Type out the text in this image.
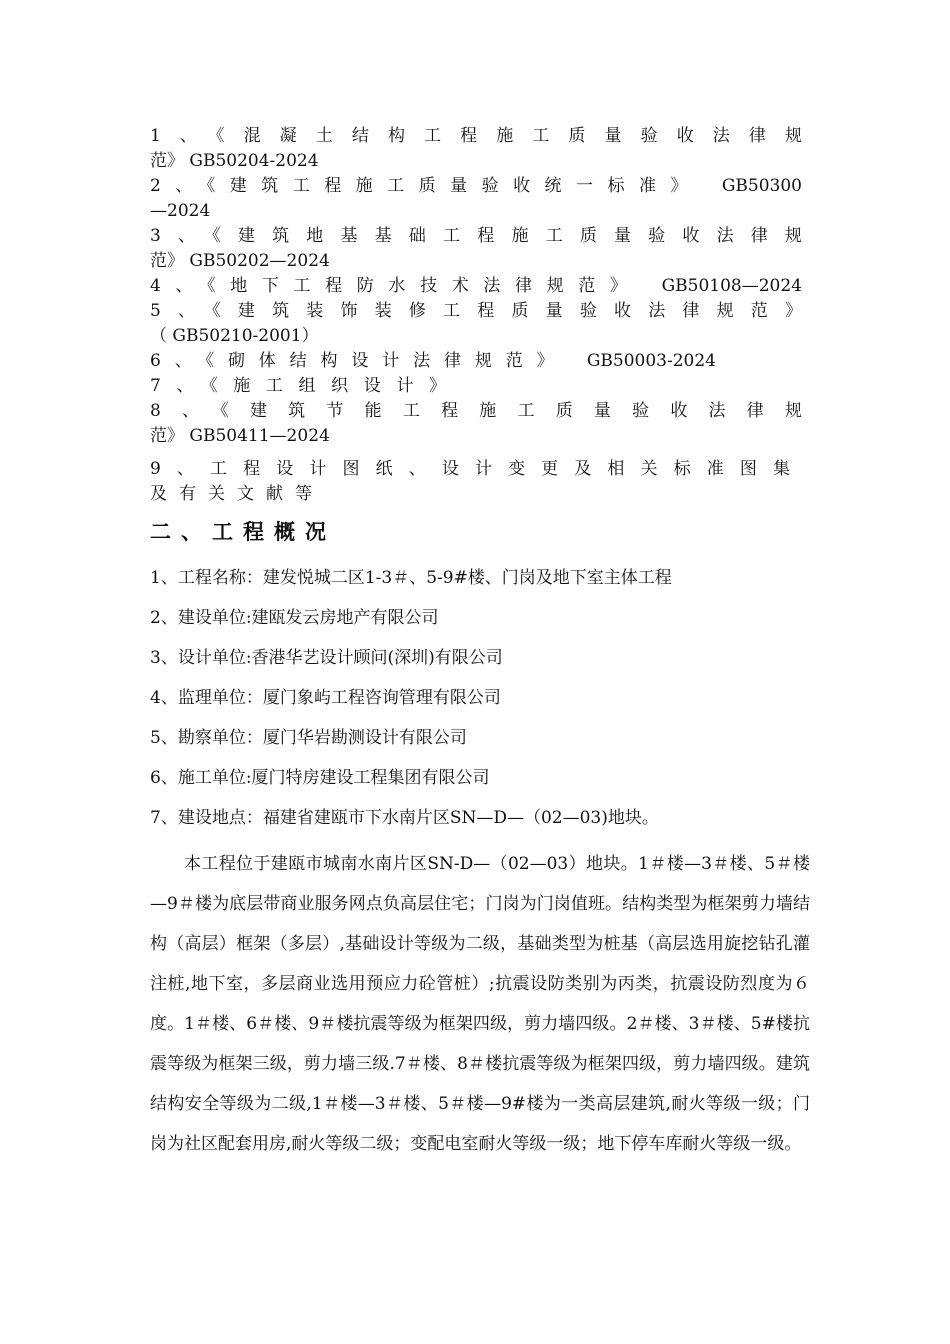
1、《混凝土结构工程施工质量验收法律规
范》 GB50204-2024
2、《建筑工程施工质量验收统一标准》 GB50300
—2024
3、《建筑地基基础工程施工质量验收法律规
范》 GB50202—2024
4、《地下工程防水技术法律规范》 GB50108—2024
5、《建筑装饰装修工程质量验收法律规范》
（ GB50210-2001）
6、《砌体结构设计法律规范》 GB50003-2024
7、《施工组织设计》
8、《建筑节能工程施工质量验收法律规
范》 GB50411—2024
9、工程设计图纸、设计变更及相关标准图集
及有关文献等
二、工程概况
1、工程名称：建发悦城二区1-3＃、5-9#楼、门岗及地下室主体工程
2、建设单位:建瓯发云房地产有限公司
3、设计单位:香港华艺设计顾问(深圳)有限公司
4、监理单位：厦门象屿工程咨询管理有限公司
5、勘察单位：厦门华岩勘测设计有限公司
6、施工单位:厦门特房建设工程集团有限公司
7、建设地点：福建省建瓯市下水南片区SN—D—（02—03)地块。
本工程位于建瓯市城南水南片区SN-D—（02—03）地块。1＃楼—3＃楼、5＃楼—9＃楼为底层带商业服务网点负高层住宅；门岗为门岗值班。结构类型为框架剪力墙结构（高层）框架（多层）,基础设计等级为二级，基础类型为桩基（高层选用旋挖钻孔灌注桩,地下室，多层商业选用预应力砼管桩）;抗震设防类别为丙类，抗震设防烈度为６度。1＃楼、6＃楼、9＃楼抗震等级为框架四级，剪力墙四级。2＃楼、3＃楼、5#楼抗震等级为框架三级，剪力墙三级.7＃楼、8＃楼抗震等级为框架四级，剪力墙四级。建筑结构安全等级为二级,1＃楼—3＃楼、5＃楼—9#楼为一类高层建筑,耐火等级一级；门岗为社区配套用房,耐火等级二级；变配电室耐火等级一级；地下停车库耐火等级一级。
